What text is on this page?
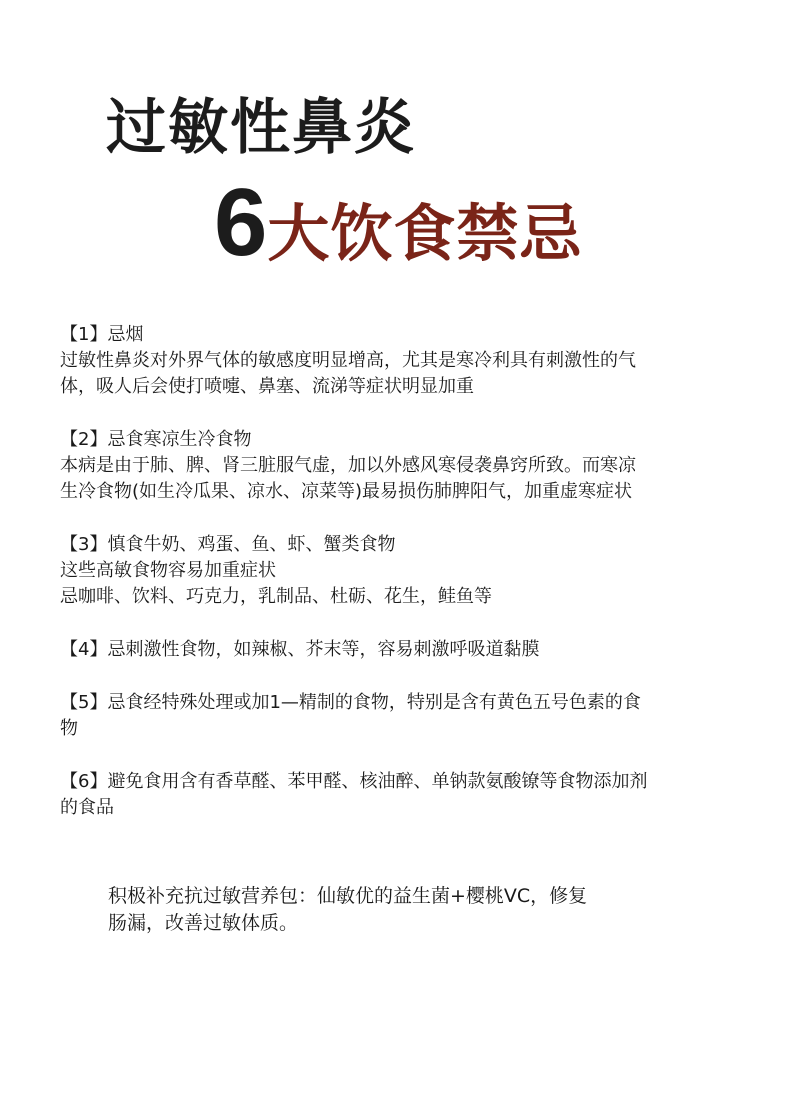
过敏性鼻炎
6大饮食禁忌
【1】忌烟
过敏性鼻炎对外界气体的敏感度明显增高，尤其是寒冷利具有刺激性的气
体，吸人后会使打喷嚏、鼻塞、流涕等症状明显加重
【2】忌食寒凉生冷食物
本病是由于肺、脾、肾三脏服气虚，加以外感风寒侵袭鼻窍所致。而寒凉
生冷食物(如生冷瓜果、凉水、凉菜等)最易损伤肺脾阳气，加重虚寒症状
【3】慎食牛奶、鸡蛋、鱼、虾、蟹类食物
这些高敏食物容易加重症状
忌咖啡、饮料、巧克力，乳制品、杜砺、花生，鲑鱼等
【4】忌刺激性食物，如辣椒、芥末等，容易刺激呼吸道黏膜
【5】忌食经特殊处理或加1—精制的食物，特别是含有黄色五号色素的食
物
【6】避免食用含有香草醛、苯甲醛、核油醉、单钠款氨酸镣等食物添加剂
的食品
积极补充抗过敏营养包：仙敏优的益生菌+樱桃VC，修复
肠漏，改善过敏体质。
